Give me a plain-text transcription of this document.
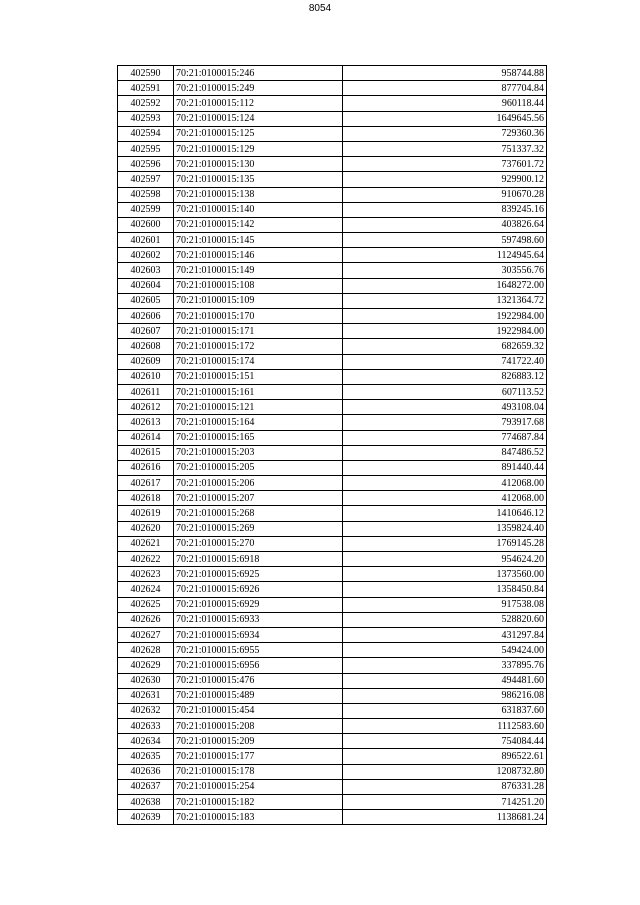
8054
402590	70:21:0100015:246	958744.88
402591	70:21:0100015:249	877704.84
402592	70:21:0100015:112	960118.44
402593	70:21:0100015:124	1649645.56
402594	70:21:0100015:125	729360.36
402595	70:21:0100015:129	751337.32
402596	70:21:0100015:130	737601.72
402597	70:21:0100015:135	929900.12
402598	70:21:0100015:138	910670.28
402599	70:21:0100015:140	839245.16
402600	70:21:0100015:142	403826.64
402601	70:21:0100015:145	597498.60
402602	70:21:0100015:146	1124945.64
402603	70:21:0100015:149	303556.76
402604	70:21:0100015:108	1648272.00
402605	70:21:0100015:109	1321364.72
402606	70:21:0100015:170	1922984.00
402607	70:21:0100015:171	1922984.00
402608	70:21:0100015:172	682659.32
402609	70:21:0100015:174	741722.40
402610	70:21:0100015:151	826883.12
402611	70:21:0100015:161	607113.52
402612	70:21:0100015:121	493108.04
402613	70:21:0100015:164	793917.68
402614	70:21:0100015:165	774687.84
402615	70:21:0100015:203	847486.52
402616	70:21:0100015:205	891440.44
402617	70:21:0100015:206	412068.00
402618	70:21:0100015:207	412068.00
402619	70:21:0100015:268	1410646.12
402620	70:21:0100015:269	1359824.40
402621	70:21:0100015:270	1769145.28
402622	70:21:0100015:6918	954624.20
402623	70:21:0100015:6925	1373560.00
402624	70:21:0100015:6926	1358450.84
402625	70:21:0100015:6929	917538.08
402626	70:21:0100015:6933	528820.60
402627	70:21:0100015:6934	431297.84
402628	70:21:0100015:6955	549424.00
402629	70:21:0100015:6956	337895.76
402630	70:21:0100015:476	494481.60
402631	70:21:0100015:489	986216.08
402632	70:21:0100015:454	631837.60
402633	70:21:0100015:208	1112583.60
402634	70:21:0100015:209	754084.44
402635	70:21:0100015:177	896522.61
402636	70:21:0100015:178	1208732.80
402637	70:21:0100015:254	876331.28
402638	70:21:0100015:182	714251.20
402639	70:21:0100015:183	1138681.24
